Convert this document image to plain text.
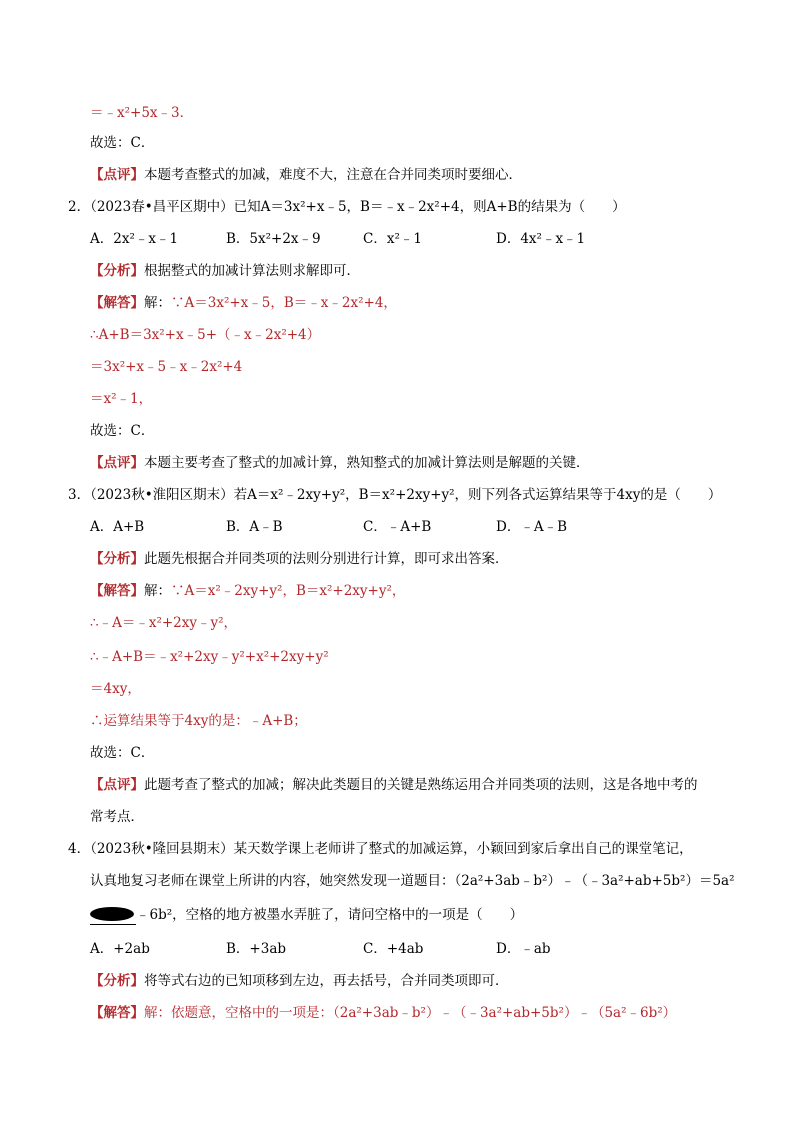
＝﹣x²+5x﹣3．
故选：C．
【点评】本题考查整式的加减，难度不大，注意在合并同类项时要细心．
2．（2023春•昌平区期中）已知A＝3x²+x﹣5，B＝﹣x﹣2x²+4，则A+B的结果为（　　）
A．2x²﹣x﹣1	B．5x²+2x﹣9	C．x²﹣1	D．4x²﹣x﹣1
【分析】根据整式的加减计算法则求解即可．
【解答】解：∵A＝3x²+x﹣5，B＝﹣x﹣2x²+4，
∴A+B＝3x²+x﹣5+（﹣x﹣2x²+4）
＝3x²+x﹣5﹣x﹣2x²+4
＝x²﹣1，
故选：C．
【点评】本题主要考查了整式的加减计算，熟知整式的加减计算法则是解题的关键．
3．（2023秋•淮阳区期末）若A＝x²﹣2xy+y²，B＝x²+2xy+y²，则下列各式运算结果等于4xy的是（　　）
A．A+B	B．A﹣B	C．﹣A+B	D．﹣A﹣B
【分析】此题先根据合并同类项的法则分别进行计算，即可求出答案．
【解答】解：∵A＝x²﹣2xy+y²，B＝x²+2xy+y²，
∴﹣A＝﹣x²+2xy﹣y²，
∴﹣A+B＝﹣x²+2xy﹣y²+x²+2xy+y²
＝4xy，
∴运算结果等于4xy的是：﹣A+B；
故选：C．
【点评】此题考查了整式的加减；解决此类题目的关键是熟练运用合并同类项的法则，这是各地中考的
常考点．
4．（2023秋•隆回县期末）某天数学课上老师讲了整式的加减运算，小颖回到家后拿出自己的课堂笔记，
认真地复习老师在课堂上所讲的内容，她突然发现一道题目：（2a²+3ab﹣b²）﹣（﹣3a²+ab+5b²）＝5a²
﹣6b²，空格的地方被墨水弄脏了，请问空格中的一项是（　　）
A．+2ab	B．+3ab	C．+4ab	D．﹣ab
【分析】将等式右边的已知项移到左边，再去括号，合并同类项即可．
【解答】解：依题意，空格中的一项是：（2a²+3ab﹣b²）﹣（﹣3a²+ab+5b²）﹣（5a²﹣6b²）
